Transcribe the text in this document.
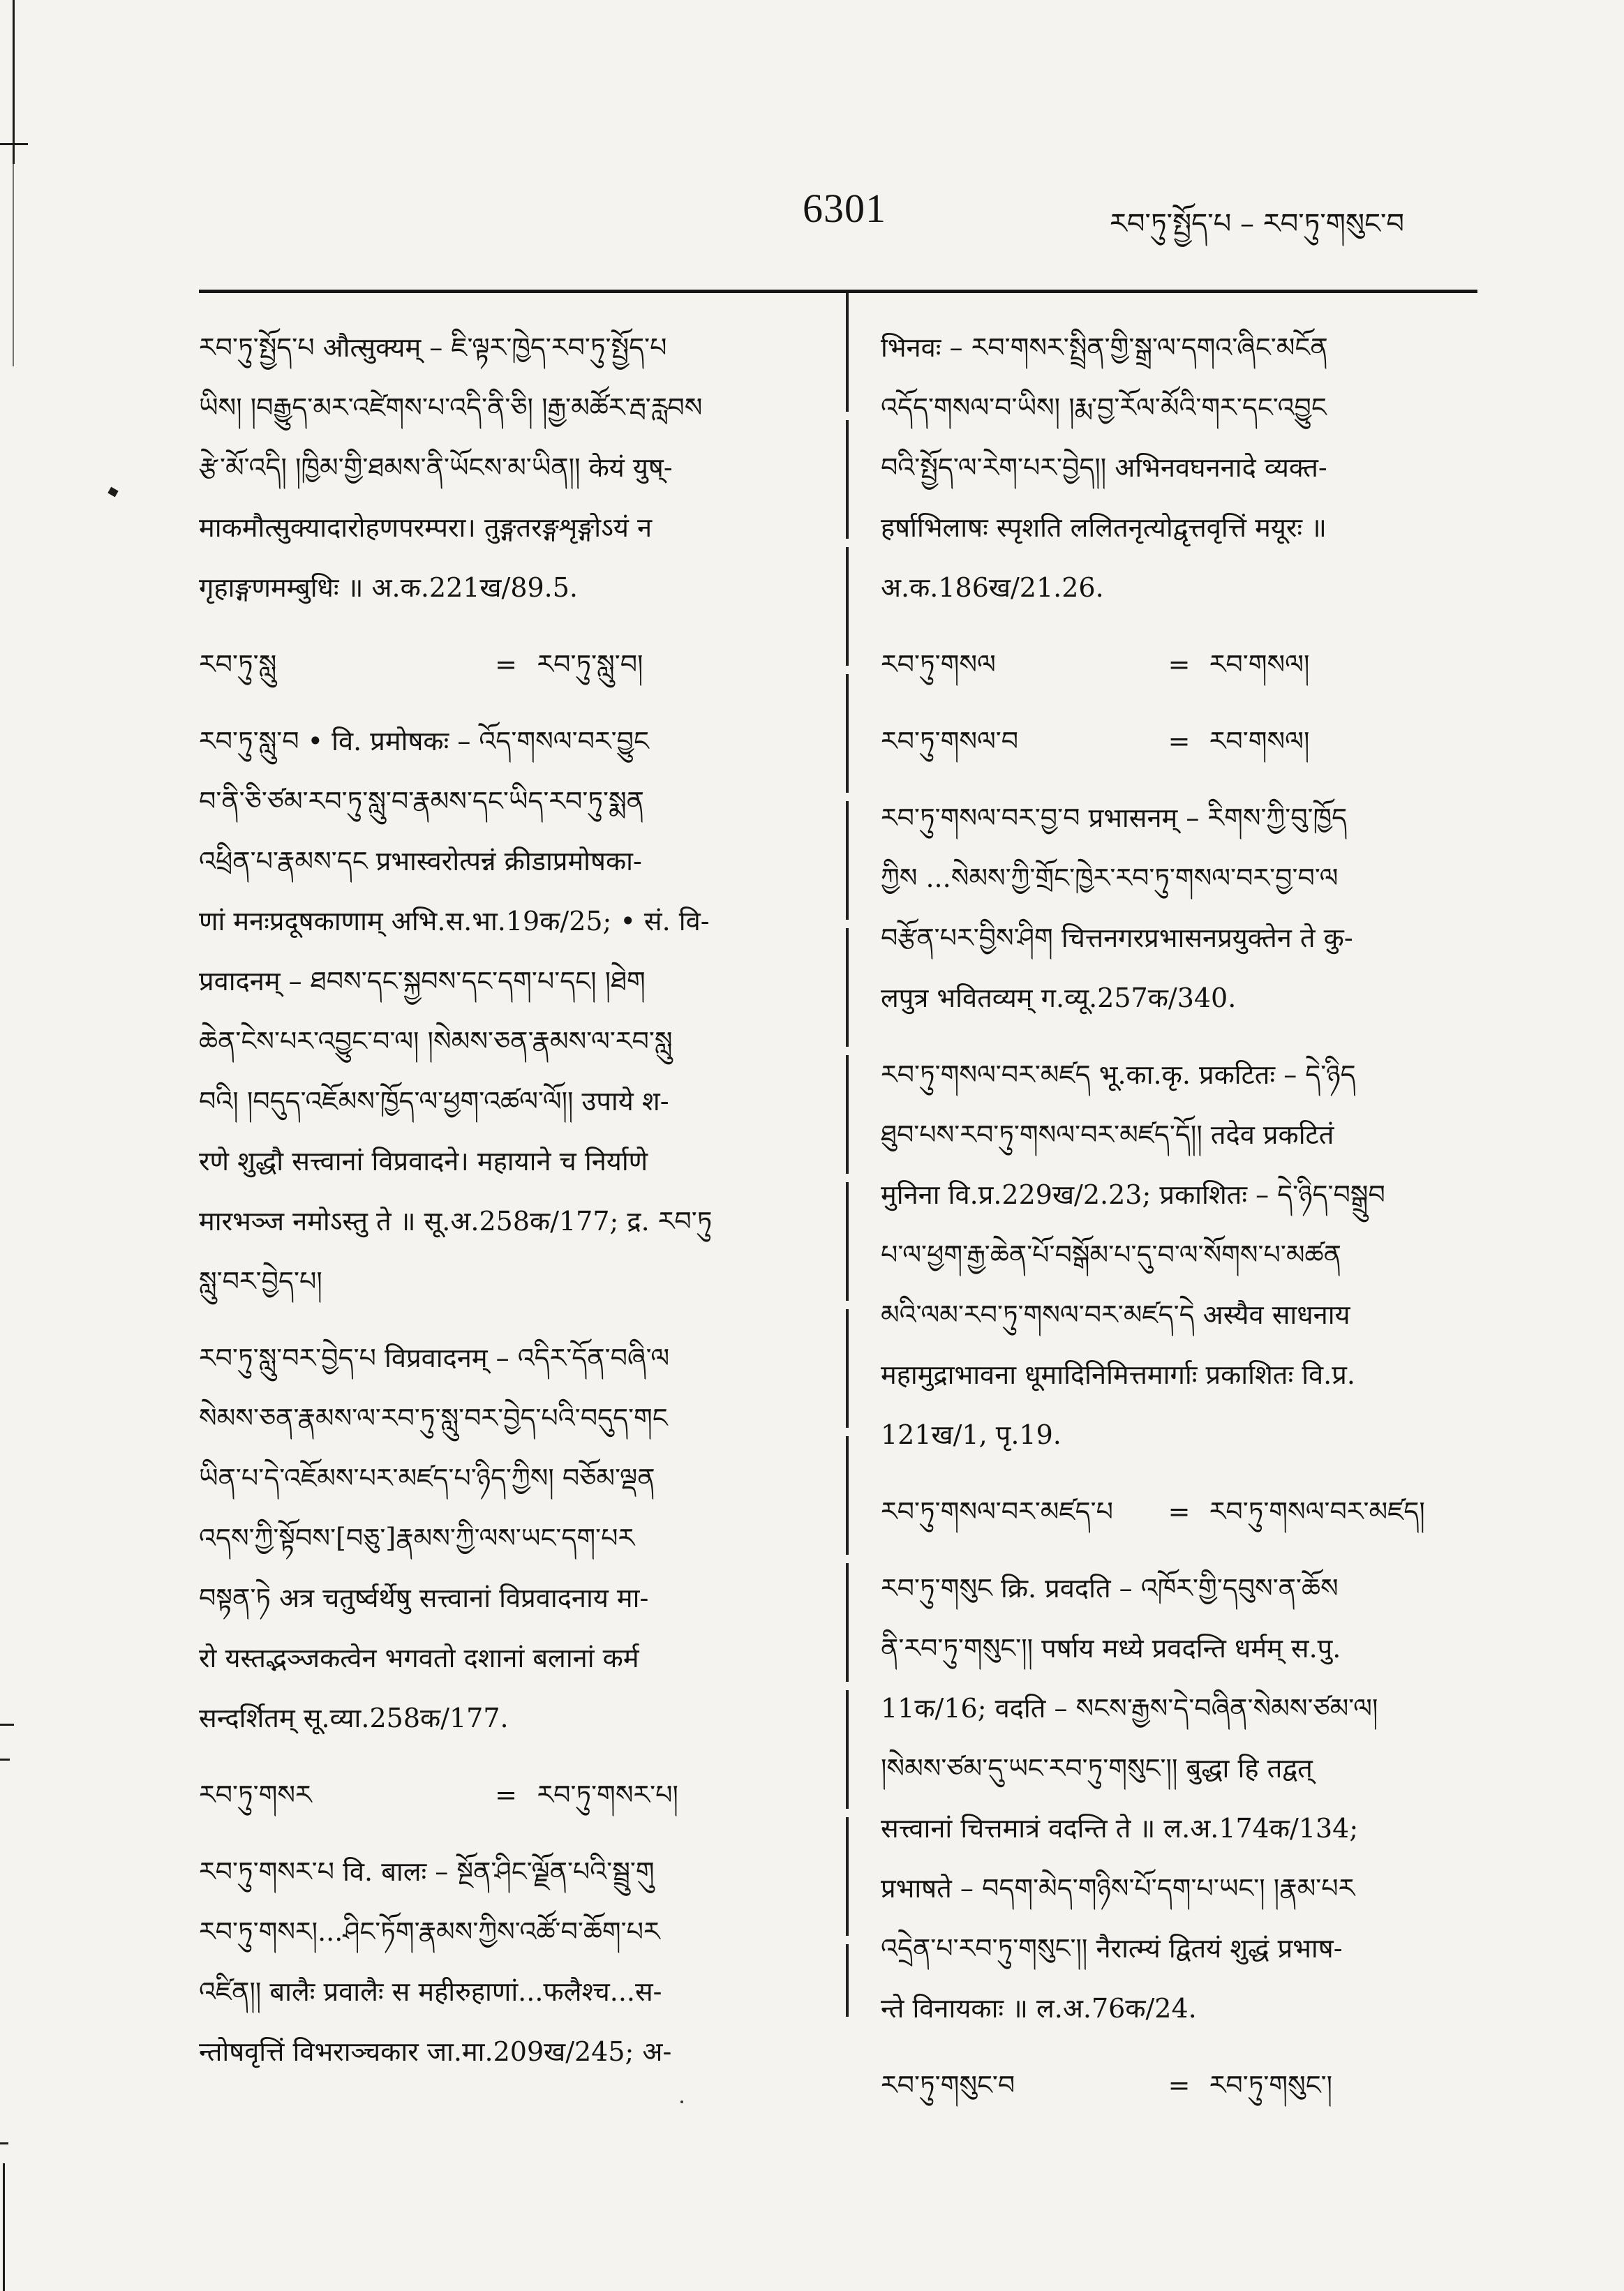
6301	རབ་ཏུ་སྤྱོད་པ – རབ་ཏུ་གསུང་བ
རབ་ཏུ་སྤྱོད་པ औत्सुक्यम् – ཇི་ལྟར་ཁྱེད་རབ་ཏུ་སྤྱོད་པ
ཡིས། །བརྒྱུད་མར་འཛེགས་པ་འདི་ནི་ཅི། །རྒྱ་མཚོར་རྦ་རླབས
རྩེ་མོ་འདི། །ཁྱིམ་གྱི་ཐམས་ནི་ཡོངས་མ་ཡིན།། केयं युष्-
माकमौत्सुक्यादारोहणपरम्परा। तुङ्गतरङ्गशृङ्गोऽयं न
गृहाङ्गणमम्बुधिः ॥ अ.क.221ख/89.5.
རབ་ཏུ་སླུ	= རབ་ཏུ་སླུ་བ།
རབ་ཏུ་སླུ་བ • वि. प्रमोषकः – འོད་གསལ་བར་བྱུང
བ་ནི་ཅི་ཙམ་རབ་ཏུ་སླུ་བ་རྣམས་དང་ཡིད་རབ་ཏུ་སྨན
འཕྲིན་པ་རྣམས་དང प्रभास्वरोत्पन्नं क्रीडाप्रमोषका-
णां मनःप्रदूषकाणाम् अभि.स.भा.19क/25; • सं. वि-
प्रवादनम् – ཐབས་དང་སྐྱབས་དང་དག་པ་དང། །ཐེག
ཆེན་ངེས་པར་འབྱུང་བ་ལ། །སེམས་ཅན་རྣམས་ལ་རབ་སླུ
བའི། །བདུད་འཇོམས་ཁྱོད་ལ་ཕྱག་འཚལ་ལོ།། उपाये श-
रणे शुद्धौ सत्त्वानां विप्रवादने। महायाने च निर्याणे
मारभञ्ज नमोऽस्तु ते ॥ सू.अ.258क/177; द्र. རབ་ཏུ
སླུ་བར་བྱེད་པ།
རབ་ཏུ་སླུ་བར་བྱེད་པ विप्रवादनम् – འདིར་དོན་བཞི་ལ
སེམས་ཅན་རྣམས་ལ་རབ་ཏུ་སླུ་བར་བྱེད་པའི་བདུད་གང
ཡིན་པ་དེ་འཇོམས་པར་མཛད་པ་ཉིད་ཀྱིས། བཅོམ་ལྡན
འདས་ཀྱི་སྟོབས་[བཅུ་]རྣམས་ཀྱི་ལས་ཡང་དག་པར
བསྟན་ཏེ अत्र चतुर्ष्वर्थेषु सत्त्वानां विप्रवादनाय मा-
रो यस्तद्भञ्जकत्वेन भगवतो दशानां बलानां कर्म
सन्दर्शितम् सू.व्या.258क/177.
རབ་ཏུ་གསར	= རབ་ཏུ་གསར་པ།
རབ་ཏུ་གསར་པ वि. बालः – སྔོན་ཤིང་ལྗོན་པའི་སྦྲུ་གུ
རབ་ཏུ་གསར།...ཤིང་ཏོག་རྣམས་ཀྱིས་འཚོ་བ་ཆོག་པར
འཛིན།། बालैः प्रवालैः स महीरुहाणां...फलैश्च...स-
न्तोषवृत्तिं विभराञ्चकार जा.मा.209ख/245; अ-
भिनवः – རབ་གསར་སྤྲིན་གྱི་སྒྲ་ལ་དགའ་ཞིང་མངོན
འདོད་གསལ་བ་ཡིས། །རྨ་བྱ་རོལ་མོའི་གར་དང་འབྱུང
བའི་སྤྱོད་ལ་རེག་པར་བྱེད།། अभिनवघननादे व्यक्त-
हर्षाभिलाषः स्पृशति ललितनृत्योद्वृत्तवृत्तिं मयूरः ॥
अ.क.186ख/21.26.
རབ་ཏུ་གསལ	= རབ་གསལ།
རབ་ཏུ་གསལ་བ	= རབ་གསལ།
རབ་ཏུ་གསལ་བར་བྱ་བ प्रभासनम् – རིགས་ཀྱི་བུ་ཁྱོད
ཀྱིས ...སེམས་ཀྱི་གྲོང་ཁྱེར་རབ་ཏུ་གསལ་བར་བྱ་བ་ལ
བརྩོན་པར་བྱིས་ཤིག चित्तनगरप्रभासनप्रयुक्तेन ते कु-
लपुत्र भवितव्यम् ग.व्यू.257क/340.
རབ་ཏུ་གསལ་བར་མཛད भू.का.कृ. प्रकटितः – དེ་ཉིད
ཐུབ་པས་རབ་ཏུ་གསལ་བར་མཛད་དོ།། तदेव प्रकटितं
मुनिना वि.प्र.229ख/2.23; प्रकाशितः – དེ་ཉིད་བསྒྲུབ
པ་ལ་ཕྱག་རྒྱ་ཆེན་པོ་བསྒོམ་པ་དུ་བ་ལ་སོགས་པ་མཚན
མའི་ལམ་རབ་ཏུ་གསལ་བར་མཛད་དེ अस्यैव साधनाय
महामुद्राभावना धूमादिनिमित्तमार्गाः प्रकाशितः वि.प्र.
121ख/1, पृ.19.
རབ་ཏུ་གསལ་བར་མཛད་པ	= རབ་ཏུ་གསལ་བར་མཛད།
རབ་ཏུ་གསུང क्रि. प्रवदति – འཁོར་གྱི་དབུས་ན་ཆོས
ནི་རབ་ཏུ་གསུང་།། पर्षाय मध्ये प्रवदन्ति धर्मम् स.पु.
11क/16; वदति – སངས་རྒྱས་དེ་བཞིན་སེམས་ཙམ་ལ།
།སེམས་ཙམ་དུ་ཡང་རབ་ཏུ་གསུང་།། बुद्धा हि तद्वत्
सत्त्वानां चित्तमात्रं वदन्ति ते ॥ ल.अ.174क/134;
प्रभाषते – བདག་མེད་གཉིས་པོ་དག་པ་ཡང་། །རྣམ་པར
འདྲེན་པ་རབ་ཏུ་གསུང་།། नैरात्म्यं द्वितयं शुद्धं प्रभाष-
न्ते विनायकाः ॥ ल.अ.76क/24.
རབ་ཏུ་གསུང་བ	= རབ་ཏུ་གསུང་།
